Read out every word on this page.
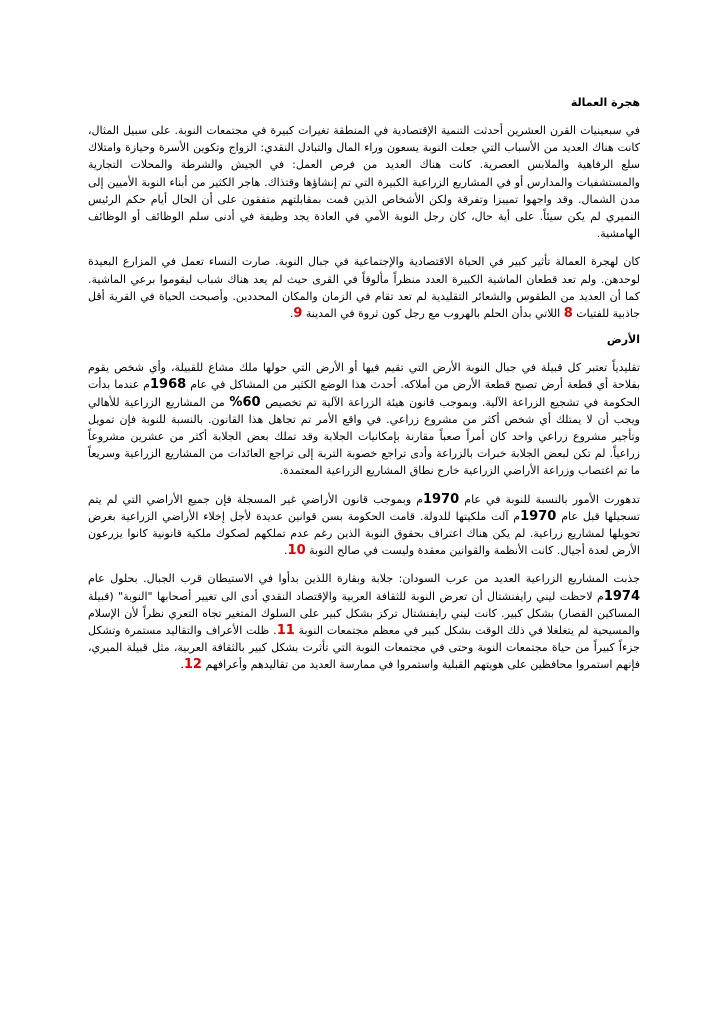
هجرة العمالة

في سبعينيات القرن العشرين أحدثت التنمية الإقتصادية في المنطقة تغيرات كبيرة في مجتمعات النوبة. على سبيل المثال، كانت هناك العديد من الأسباب التي جعلت النوبة يسعون وراء المال والتبادل النقدي: الزواج وتكوين الأسرة وحيازة وامتلاك سلع الرفاهية والملابس العصرية. كانت هناك العديد من فرص العمل: في الجيش والشرطة والمحلات التجارية والمستشفيات والمدارس أو في المشاريع الزراعية الكبيرة التي تم إنشاؤها وقتذاك. هاجر الكثير من أبناء النوبة الأميين إلى مدن الشمال. وقد واجهوا تمييزا وتفرقة ولكن الأشخاص الذين قمت بمقابلتهم متفقون على أن الحال أيام حكم الرئيس النميري لم يكن سيئاً. على أية حال، كان رجل النوبة الأمي في العادة يجد وظيفة في أدنى سلم الوظائف أو الوظائف الهامشية.

كان لهجرة العمالة تأثير كبير في الحياة الاقتصادية والإجتماعية في جبال النوبة. صارت النساء تعمل في المزارع البعيدة لوحدهن. ولم تعد قطعان الماشية الكبيرة العدد منظراً مألوفاً في القرى حيث لم يعد هناك شباب ليقوموا برعي الماشية. كما أن العديد من الطقوس والشعائر التقليدية لم تعد تقام في الزمان والمكان المحددين. وأصبحت الحياة في القرية أقل جاذبية للفتيات 8 اللاتي بدأن الحلم بالهروب مع رجل كون ثروة في المدينة 9.

الأرض

تقليدياً تعتبر كل قبيلة في جبال النوبة الأرض التي تقيم فيها أو الأرض التي حولها ملك مشاع للقبيلة، وأي شخص يقوم بفلاحة أي قطعة أرض تصبح قطعة الأرض من أملاكه. أحدث هذا الوضع الكثير من المشاكل في عام 1968م عندما بدأت الحكومة في تشجيع الزراعة الآلية. وبموجب قانون هيئة الزراعة الآلية تم تخصيص 60% من المشاريع الزراعية للأهالي ويجب أن لا يمتلك أي شخص أكثر من مشروع زراعي. في واقع الأمر تم تجاهل هذا القانون. بالنسبة للنوبة فإن تمويل وتأجير مشروع زراعي واحد كان أمراً صعباً مقارنة بإمكانيات الجلابة وقد تملك بعض الجلابة أكثر من عشرين مشروعاً زراعياً. لم تكن لبعض الجلابة خبرات بالزراعة وأدى تراجع خصوبة التربة إلى تراجع العائدات من المشاريع الزراعية وسريعاً ما تم اغتصاب وزراعة الأراضي الزراعية خارج نطاق المشاريع الزراعية المعتمدة.

تدهورت الأمور بالنسبة للنوبة في عام 1970م وبموجب قانون الأراضي غير المسجلة فإن جميع الأراضي التي لم يتم تسجيلها قبل عام 1970م آلت ملكيتها للدولة. قامت الحكومة بسن قوانين عديدة لأجل إخلاء الأراضي الزراعية بغرض تحويلها لمشاريع زراعية. لم يكن هناك اعتراف بحقوق النوبة الذين رغم عدم تملكهم لصكوك ملكية قانونية كانوا يزرعون الأرض لعدة أجيال. كانت الأنظمة والقوانين معقدة وليست في صالح النوبة 10.

جذبت المشاريع الزراعية العديد من عرب السودان: جلابة وبقارة اللذين بدأوا في الاستيطان قرب الجبال. بحلول عام 1974م لاحظت ليني رايفنشتال أن تعرض النوبة للثقافة العربية والإقتصاد النقدي أدى الى تغيير أصحابها "النوبة" (قبيلة المساكين القصار) بشكل كبير. كانت ليني رايفنشتال تركز بشكل كبير على السلوك المتغير تجاه التعري نظراً لأن الإسلام والمسيحية لم يتغلغلا في ذلك الوقت بشكل كبير في معظم مجتمعات النوبة 11. ظلت الأعراف والتقاليد مستمرة وتشكل جزءاً كبيراً من حياة مجتمعات النوبة وحتى في مجتمعات النوبة التي تأثرت بشكل كبير بالثقافة العربية، مثل قبيلة الميري، فإنهم استمروا محافظين على هويتهم القبلية واستمروا في ممارسة العديد من تقاليدهم وأعرافهم 12.
